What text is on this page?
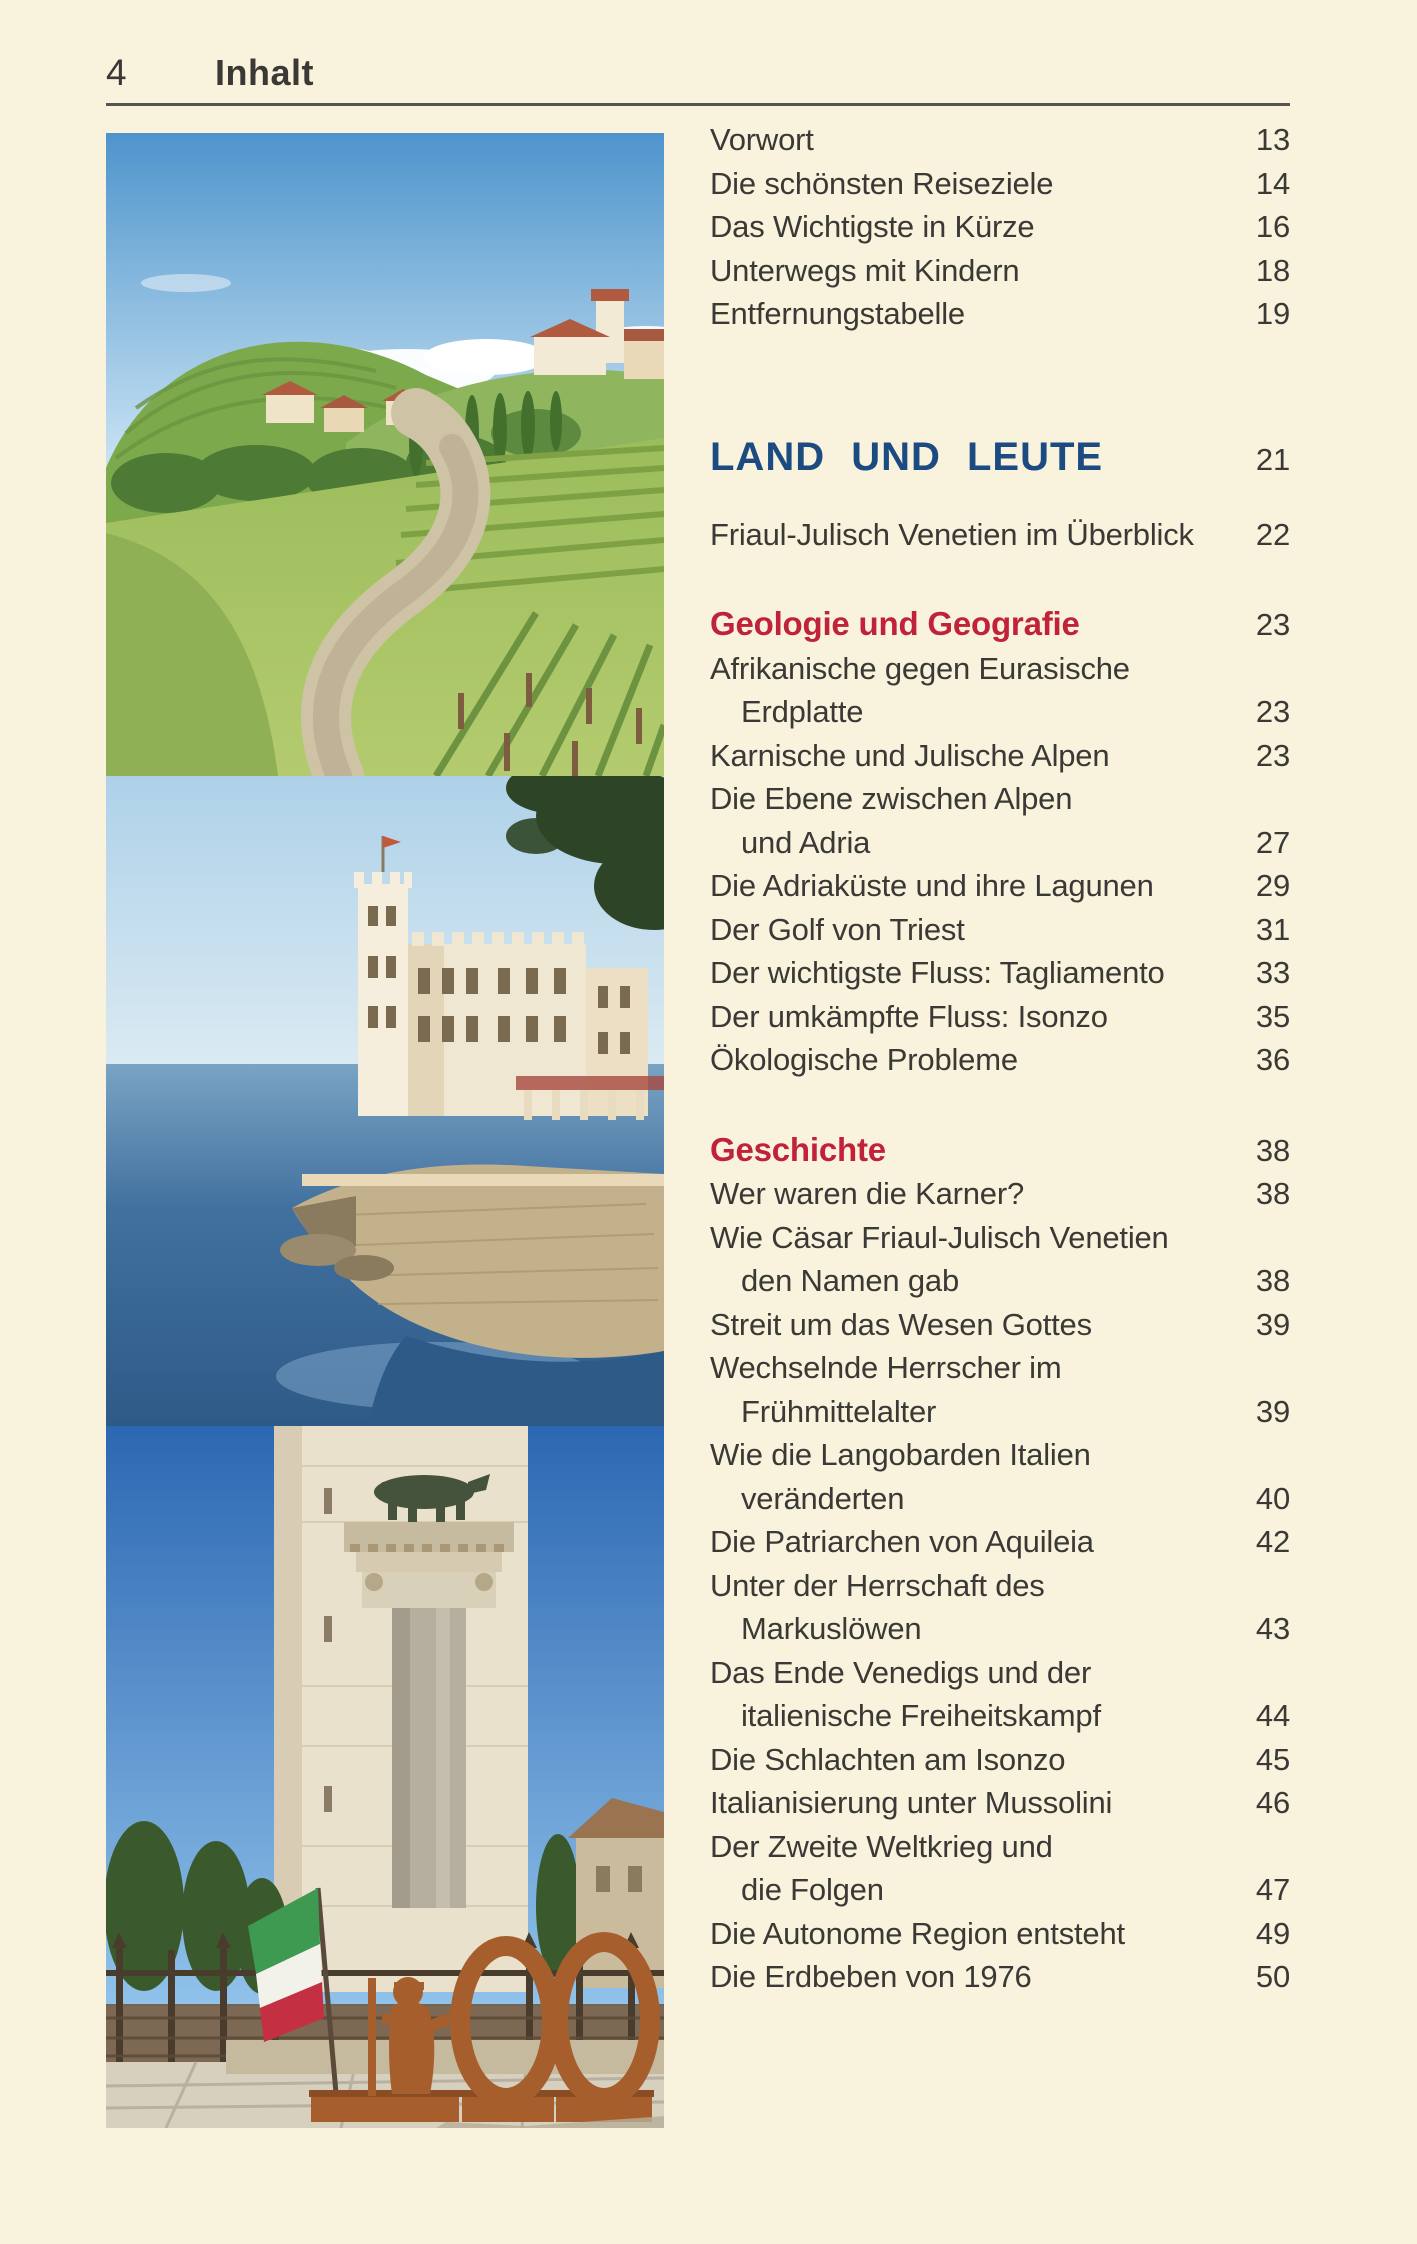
4	Inhalt
Vorwort	13
Die schönsten Reiseziele	14
Das Wichtigste in Kürze	16
Unterwegs mit Kindern	18
Entfernungstabelle	19
LAND UND LEUTE	21
Friaul-Julisch Venetien im Überblick	22
Geologie und Geografie	23
Afrikanische gegen Eurasische
Erdplatte	23
Karnische und Julische Alpen	23
Die Ebene zwischen Alpen
und Adria	27
Die Adriaküste und ihre Lagunen	29
Der Golf von Triest	31
Der wichtigste Fluss: Tagliamento	33
Der umkämpfte Fluss: Isonzo	35
Ökologische Probleme	36
Geschichte	38
Wer waren die Karner?	38
Wie Cäsar Friaul-Julisch Venetien
den Namen gab	38
Streit um das Wesen Gottes	39
Wechselnde Herrscher im
Frühmittelalter	39
Wie die Langobarden Italien
veränderten	40
Die Patriarchen von Aquileia	42
Unter der Herrschaft des
Markuslöwen	43
Das Ende Venedigs und der
italienische Freiheitskampf	44
Die Schlachten am Isonzo	45
Italianisierung unter Mussolini	46
Der Zweite Weltkrieg und
die Folgen	47
Die Autonome Region entsteht	49
Die Erdbeben von 1976	50
